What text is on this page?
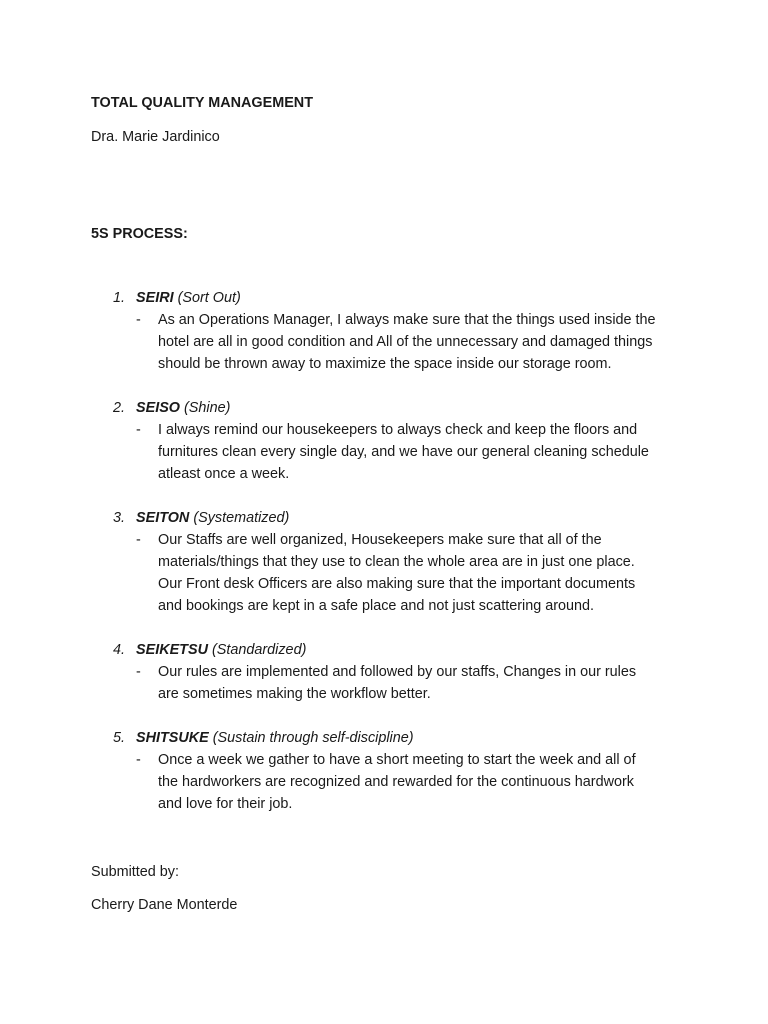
TOTAL QUALITY MANAGEMENT

Dra. Marie Jardinico

5S PROCESS:

1. SEIRI (Sort Out)
- As an Operations Manager, I always make sure that the things used inside the
hotel are all in good condition and All of the unnecessary and damaged things
should be thrown away to maximize the space inside our storage room.
2. SEISO (Shine)
- I always remind our housekeepers to always check and keep the floors and
furnitures clean every single day, and we have our general cleaning schedule
atleast once a week.
3. SEITON (Systematized)
- Our Staffs are well organized, Housekeepers make sure that all of the
materials/things that they use to clean the whole area are in just one place.
Our Front desk Officers are also making sure that the important documents
and bookings are kept in a safe place and not just scattering around.
4. SEIKETSU (Standardized)
- Our rules are implemented and followed by our staffs, Changes in our rules
are sometimes making the workflow better.
5. SHITSUKE (Sustain through self-discipline)
- Once a week we gather to have a short meeting to start the week and all of
the hardworkers are recognized and rewarded for the continuous hardwork
and love for their job.

Submitted by:

Cherry Dane Monterde
